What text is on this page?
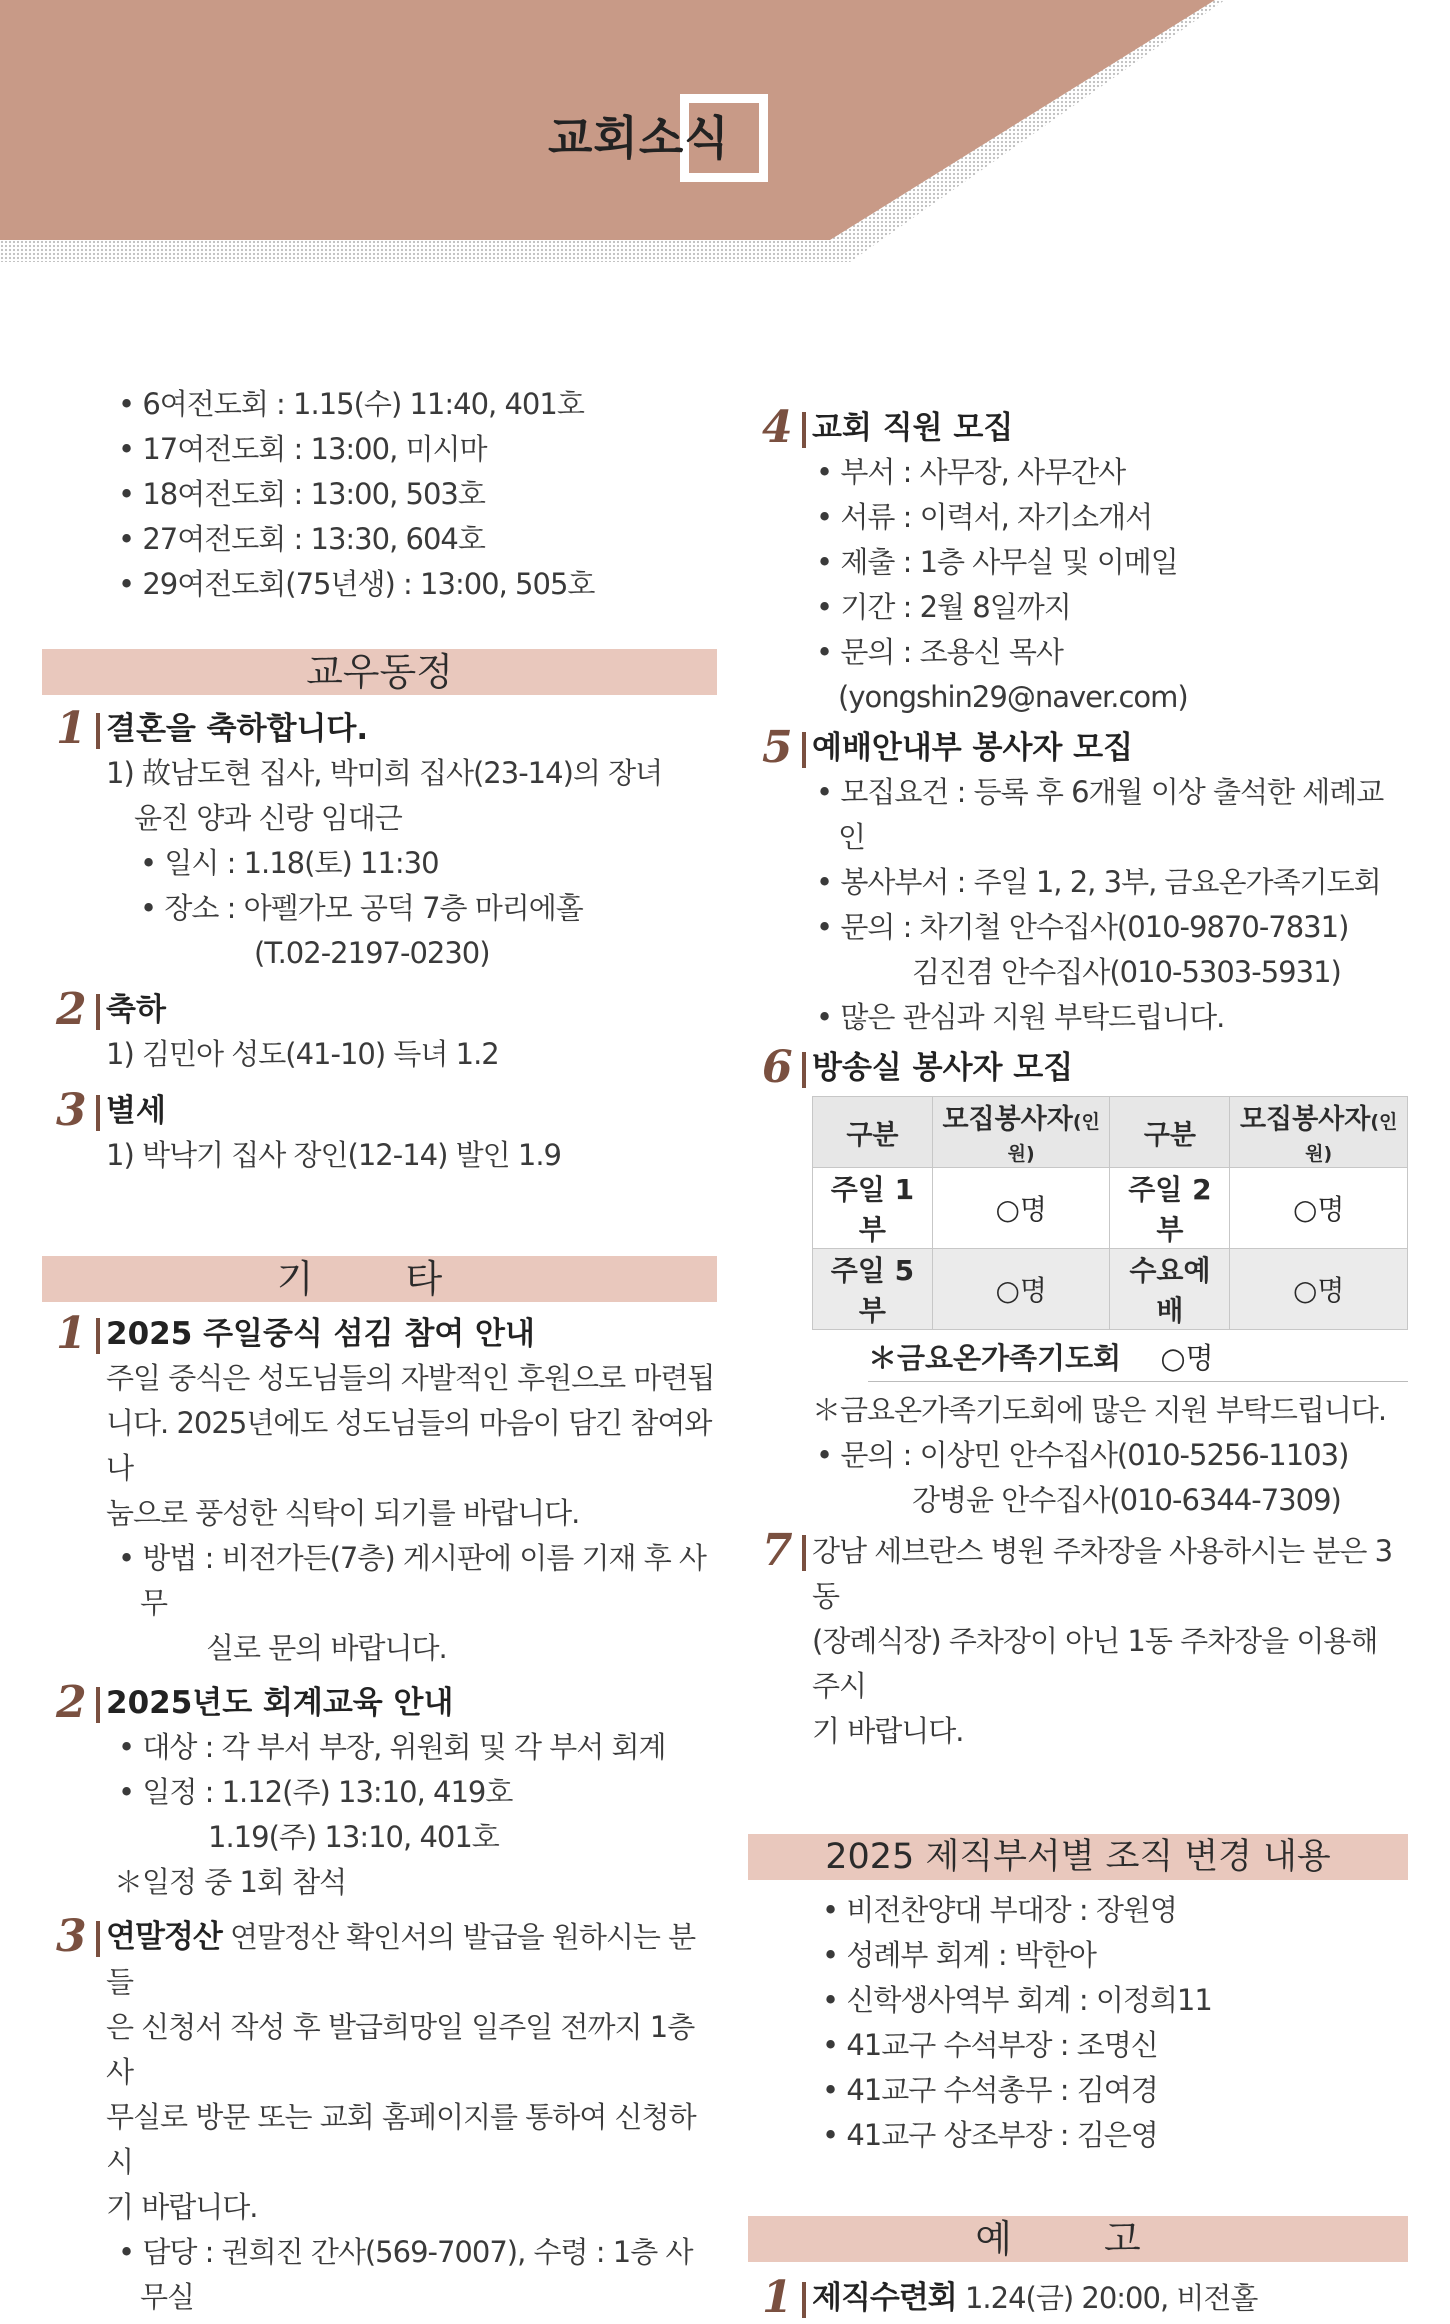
교회소식
• 6여전도회 : 1.15(수) 11:40, 401호
• 17여전도회 : 13:00, 미시마
• 18여전도회 : 13:00, 503호
• 27여전도회 : 13:30, 604호
• 29여전도회(75년생) : 13:00, 505호
교우동정
1 결혼을 축하합니다.
1) 故남도현 집사, 박미희 집사(23-14)의 장녀
윤진 양과 신랑 임대근
• 일시 : 1.18(토) 11:30
• 장소 : 아펠가모 공덕 7층 마리에홀
(T.02-2197-0230)
2 축하
1) 김민아 성도(41-10) 득녀 1.2
3 별세
1) 박낙기 집사 장인(12-14) 발인 1.9
기 타
1 2025 주일중식 섬김 참여 안내
주일 중식은 성도님들의 자발적인 후원으로 마련됩
니다. 2025년에도 성도님들의 마음이 담긴 참여와 나
눔으로 풍성한 식탁이 되기를 바랍니다.
• 방법 : 비전가든(7층) 게시판에 이름 기재 후 사무
실로 문의 바랍니다.
2 2025년도 회계교육 안내
• 대상 : 각 부서 부장, 위원회 및 각 부서 회계
• 일정 : 1.12(주) 13:10, 419호
1.19(주) 13:10, 401호
＊일정 중 1회 참석
3 연말정산 연말정산 확인서의 발급을 원하시는 분들
은 신청서 작성 후 발급희망일 일주일 전까지 1층 사
무실로 방문 또는 교회 홈페이지를 통하여 신청하시
기 바랍니다.
• 담당 : 권희진 간사(569-7007), 수령 : 1층 사무실
4 교회 직원 모집
• 부서 : 사무장, 사무간사
• 서류 : 이력서, 자기소개서
• 제출 : 1층 사무실 및 이메일
• 기간 : 2월 8일까지
• 문의 : 조용신 목사(yongshin29@naver.com)
5 예배안내부 봉사자 모집
• 모집요건 : 등록 후 6개월 이상 출석한 세례교인
• 봉사부서 : 주일 1, 2, 3부, 금요온가족기도회
• 문의 : 차기철 안수집사(010-9870-7831)
김진겸 안수집사(010-5303-5931)
• 많은 관심과 지원 부탁드립니다.
6 방송실 봉사자 모집
구분	모집봉사자(인원)	구분	모집봉사자(인원)
주일 1부	○명	주일 2부	○명
주일 5부	○명	수요예배	○명
＊금요온가족기도회 ○명
＊금요온가족기도회에 많은 지원 부탁드립니다.
• 문의 : 이상민 안수집사(010-5256-1103)
강병윤 안수집사(010-6344-7309)
7 강남 세브란스 병원 주차장을 사용하시는 분은 3동
(장례식장) 주차장이 아닌 1동 주차장을 이용해 주시
기 바랍니다.
2025 제직부서별 조직 변경 내용
• 비전찬양대 부대장 : 장원영
• 성례부 회계 : 박한아
• 신학생사역부 회계 : 이정희11
• 41교구 수석부장 : 조명신
• 41교구 수석총무 : 김여경
• 41교구 상조부장 : 김은영
예 고
1 제직수련회 1.24(금) 20:00, 비전홀
